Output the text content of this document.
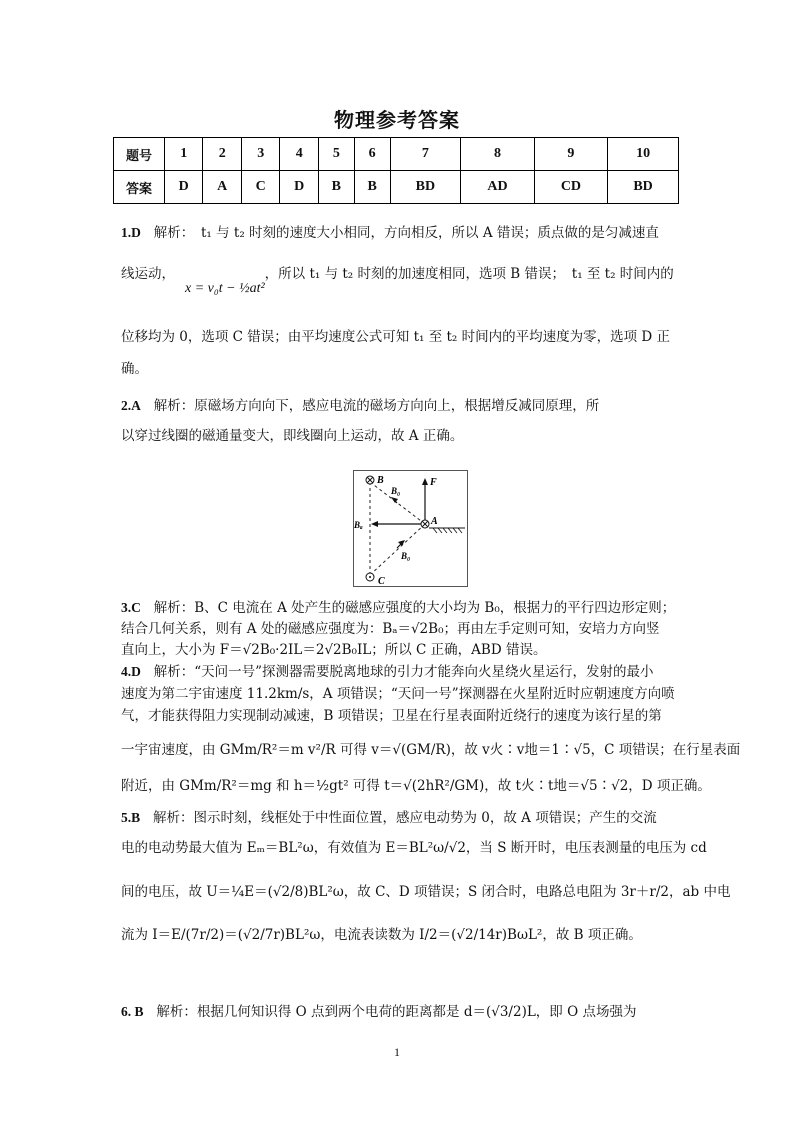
物理参考答案
题号	1	2	3	4	5	6	7	8	9	10
答案	D	A	C	D	B	B	BD	AD	CD	BD
1.D 解析：　t₁ 与 t₂ 时刻的速度大小相同，方向相反，所以 A 错误；质点做的是匀减速直
线运动，x = v₀t − ½at²，所以 t₁ 与 t₂ 时刻的加速度相同，选项 B 错误；　t₁ 至 t₂ 时间内的
位移均为 0，选项 C 错误；由平均速度公式可知 t₁ 至 t₂ 时间内的平均速度为零，选项 D 正
确。
2.A 解析：原磁场方向向下，感应电流的磁场方向向上，根据增反减同原理，所
以穿过线圈的磁通量变大，即线圈向上运动，故 A 正确。
B
B₀
F
Bₐ	A
B₀
C
3.C 解析：B、C 电流在 A 处产生的磁感应强度的大小均为 B₀，根据力的平行四边形定则；
结合几何关系，则有 A 处的磁感应强度为：Bₐ＝√2B₀；再由左手定则可知，安培力方向竖
直向上，大小为 F＝√2B₀·2IL＝2√2B₀IL；所以 C 正确，ABD 错误。
4.D 解析：“天问一号”探测器需要脱离地球的引力才能奔向火星绕火星运行，发射的最小
速度为第二宇宙速度 11.2km/s，A 项错误；“天问一号”探测器在火星附近时应朝速度方向喷
气，才能获得阻力实现制动减速，B 项错误；卫星在行星表面附近绕行的速度为该行星的第
一宇宙速度，由 GMm/R²＝m v²/R 可得 v＝√(GM/R)，故 v火∶v地＝1∶√5，C 项错误；在行星表面
附近，由 GMm/R²＝mg 和 h＝½gt² 可得 t＝√(2hR²/GM)，故 t火∶t地＝√5∶√2，D 项正确。
5.B 解析：图示时刻，线框处于中性面位置，感应电动势为 0，故 A 项错误；产生的交流
电的电动势最大值为 Eₘ＝BL²ω，有效值为 E＝BL²ω/√2，当 S 断开时，电压表测量的电压为 cd
间的电压，故 U＝¼E＝(√2/8)BL²ω，故 C、D 项错误；S 闭合时，电路总电阻为 3r＋r/2，ab 中电
流为 I＝E/(7r/2)＝(√2/7r)BL²ω，电流表读数为 I/2＝(√2/14r)BωL²，故 B 项正确。
6. B 解析：根据几何知识得 O 点到两个电荷的距离都是 d＝(√3/2)L，即 O 点场强为
1
